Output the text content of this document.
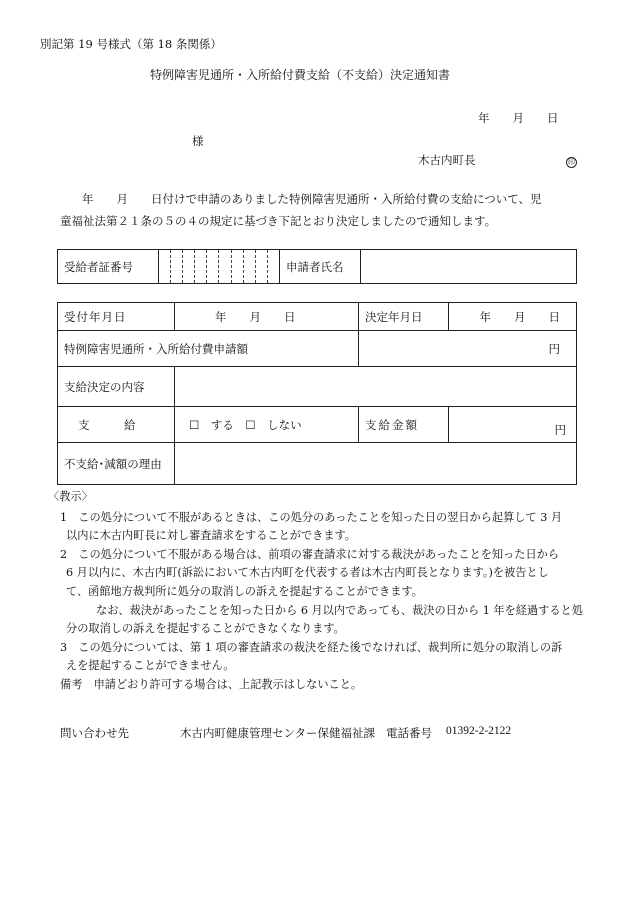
別記第 19 号様式（第 18 条関係）
特例障害児通所・入所給付費支給（不支給）決定通知書
年　　月　　日
様
木古内町長	印
年　　月　　日付けで申請のありました特例障害児通所・入所給付費の支給について、児
童福祉法第２１条の５の４の規定に基づき下記とおり決定しましたので通知します。
受給者証番号		申請者氏名	
受付年月日	年　　月　　日	決定年月日	年　　月　　日
特例障害児通所・入所給付費申請額		円	
支給決定の内容			
支　　　給	☐　する　☐　しない	支給金額	円
不支給･減額の理由			
〈教示〉
1　この処分について不服があるときは、この処分のあったことを知った日の翌日から起算して 3 月
以内に木古内町長に対し審査請求をすることができます。
2　この処分について不服がある場合は、前項の審査請求に対する裁決があったことを知った日から
6 月以内に、木古内町(訴訟において木古内町を代表する者は木古内町長となります。)を被告とし
て、函館地方裁判所に処分の取消しの訴えを提起することができます。
なお、裁決があったことを知った日から 6 月以内であっても、裁決の日から 1 年を経過すると処
分の取消しの訴えを提起することができなくなります。
3　この処分については、第 1 項の審査請求の裁決を経た後でなければ、裁判所に処分の取消しの訴
えを提起することができません。
備考　申請どおり許可する場合は、上記教示はしないこと。
問い合わせ先	木古内町健康管理センター保健福祉課 電話番号 01392-2-2122
